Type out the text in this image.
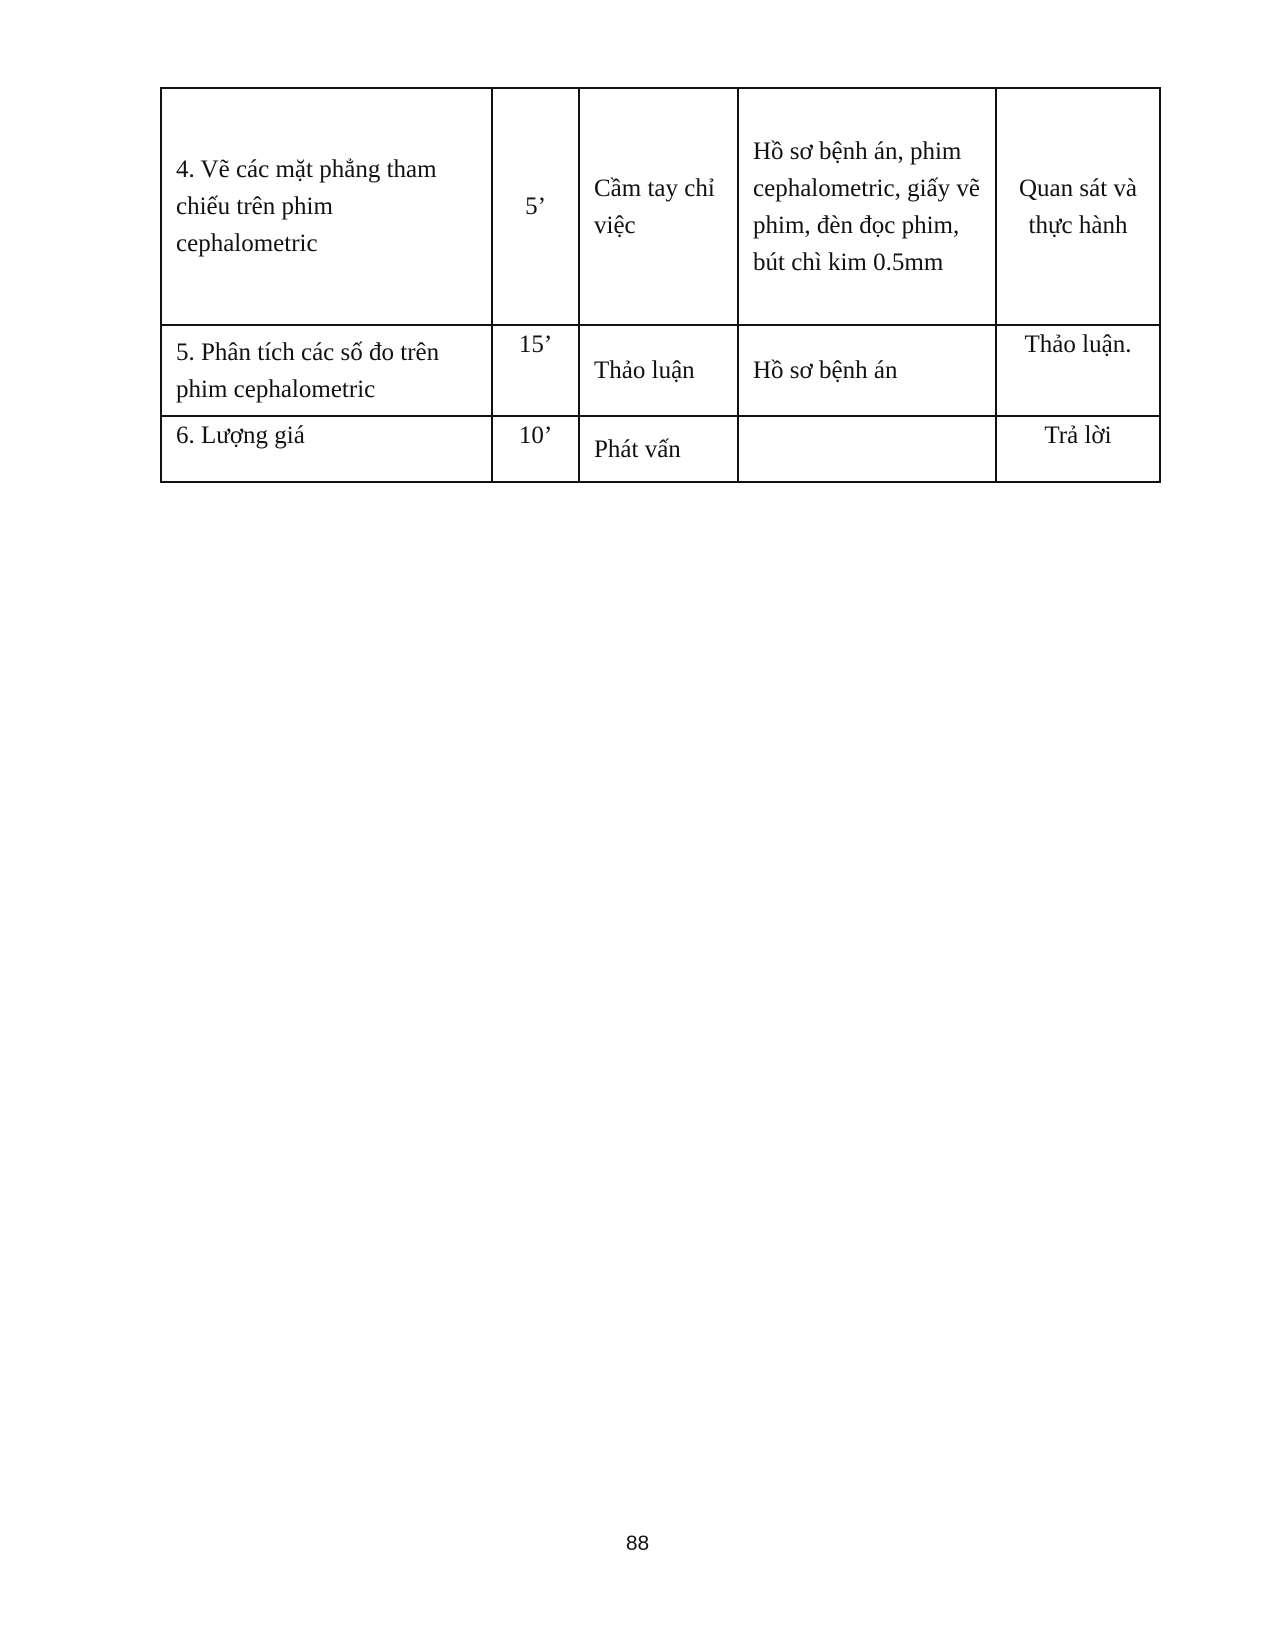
4. Vẽ các mặt phẳng tham chiếu trên phim cephalometric	5’	Cầm tay chỉ việc	Hồ sơ bệnh án, phim cephalometric, giấy vẽ phim, đèn đọc phim, bút chì kim 0.5mm	Quan sát và thực hành
5. Phân tích các số đo trên phim cephalometric	15’	Thảo luận	Hồ sơ bệnh án	Thảo luận.
6. Lượng giá	10’	Phát vấn		Trả lời
88
